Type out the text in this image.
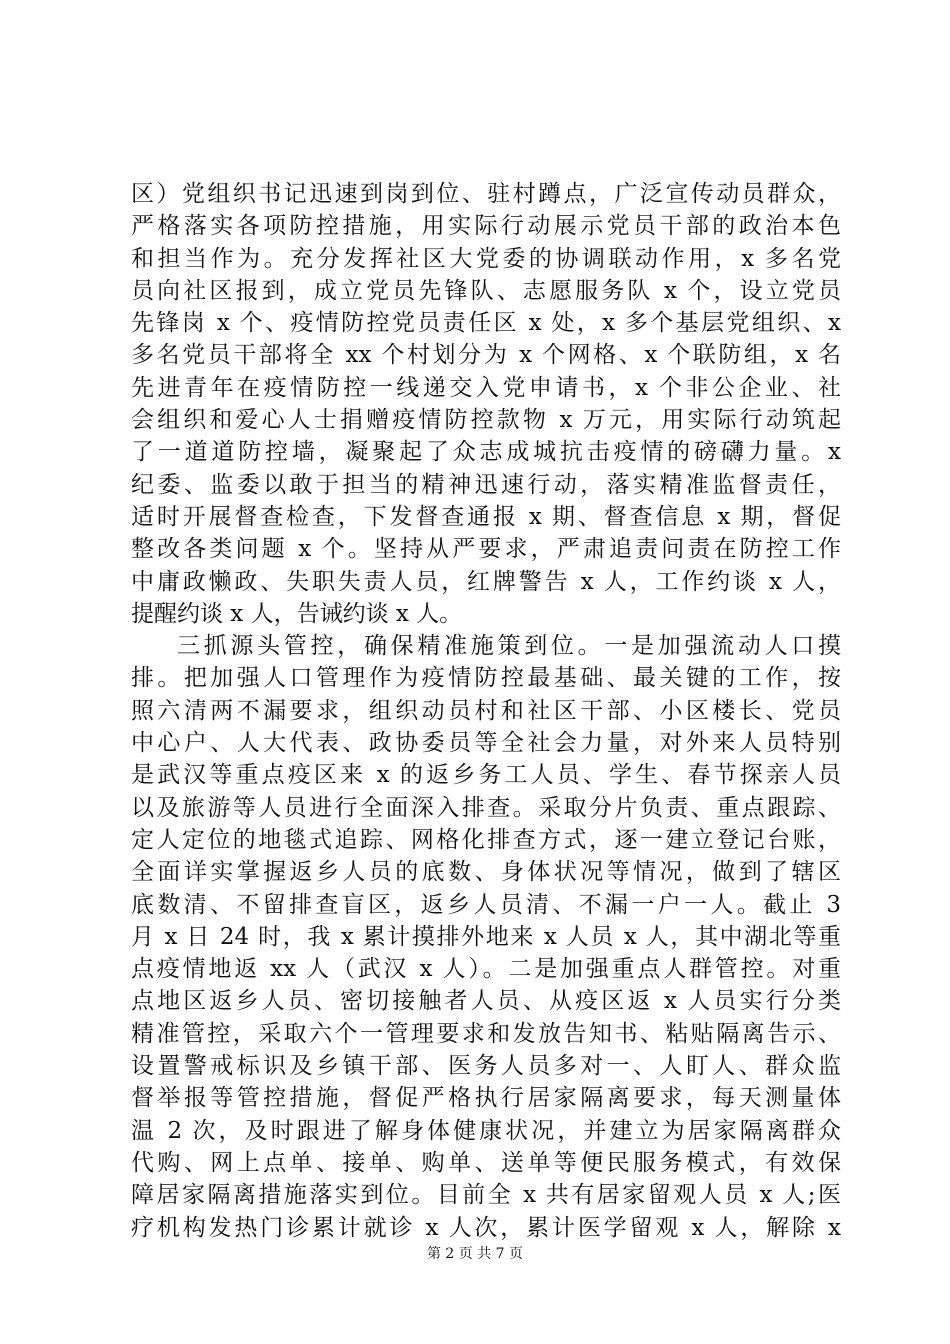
区）党组织书记迅速到岗到位、驻村蹲点，广泛宣传动员群众，
严格落实各项防控措施，用实际行动展示党员干部的政治本色
和担当作为。充分发挥社区大党委的协调联动作用，x 多名党
员向社区报到，成立党员先锋队、志愿服务队 x 个，设立党员
先锋岗 x 个、疫情防控党员责任区 x 处，x 多个基层党组织、x
多名党员干部将全 xx 个村划分为 x 个网格、x 个联防组，x 名
先进青年在疫情防控一线递交入党申请书，x 个非公企业、社
会组织和爱心人士捐赠疫情防控款物 x 万元，用实际行动筑起
了一道道防控墙，凝聚起了众志成城抗击疫情的磅礴力量。x
纪委、监委以敢于担当的精神迅速行动，落实精准监督责任，
适时开展督查检查，下发督查通报 x 期、督查信息 x 期，督促
整改各类问题 x 个。坚持从严要求，严肃追责问责在防控工作
中庸政懒政、失职失责人员，红牌警告 x 人，工作约谈 x 人，
提醒约谈 x 人，告诫约谈 x 人。
三抓源头管控，确保精准施策到位。一是加强流动人口摸
排。把加强人口管理作为疫情防控最基础、最关键的工作，按
照六清两不漏要求，组织动员村和社区干部、小区楼长、党员
中心户、人大代表、政协委员等全社会力量，对外来人员特别
是武汉等重点疫区来 x 的返乡务工人员、学生、春节探亲人员
以及旅游等人员进行全面深入排查。采取分片负责、重点跟踪、
定人定位的地毯式追踪、网格化排查方式，逐一建立登记台账，
全面详实掌握返乡人员的底数、身体状况等情况，做到了辖区
底数清、不留排查盲区，返乡人员清、不漏一户一人。截止 3
月 x 日 24 时，我 x 累计摸排外地来 x 人员 x 人，其中湖北等重
点疫情地返 xx 人（武汉 x 人）。二是加强重点人群管控。对重
点地区返乡人员、密切接触者人员、从疫区返 x 人员实行分类
精准管控，采取六个一管理要求和发放告知书、粘贴隔离告示、
设置警戒标识及乡镇干部、医务人员多对一、人盯人、群众监
督举报等管控措施，督促严格执行居家隔离要求，每天测量体
温 2 次，及时跟进了解身体健康状况，并建立为居家隔离群众
代购、网上点单、接单、购单、送单等便民服务模式，有效保
障居家隔离措施落实到位。目前全 x 共有居家留观人员 x 人;医
疗机构发热门诊累计就诊 x 人次，累计医学留观 x 人，解除 x
第 2 页 共 7 页
